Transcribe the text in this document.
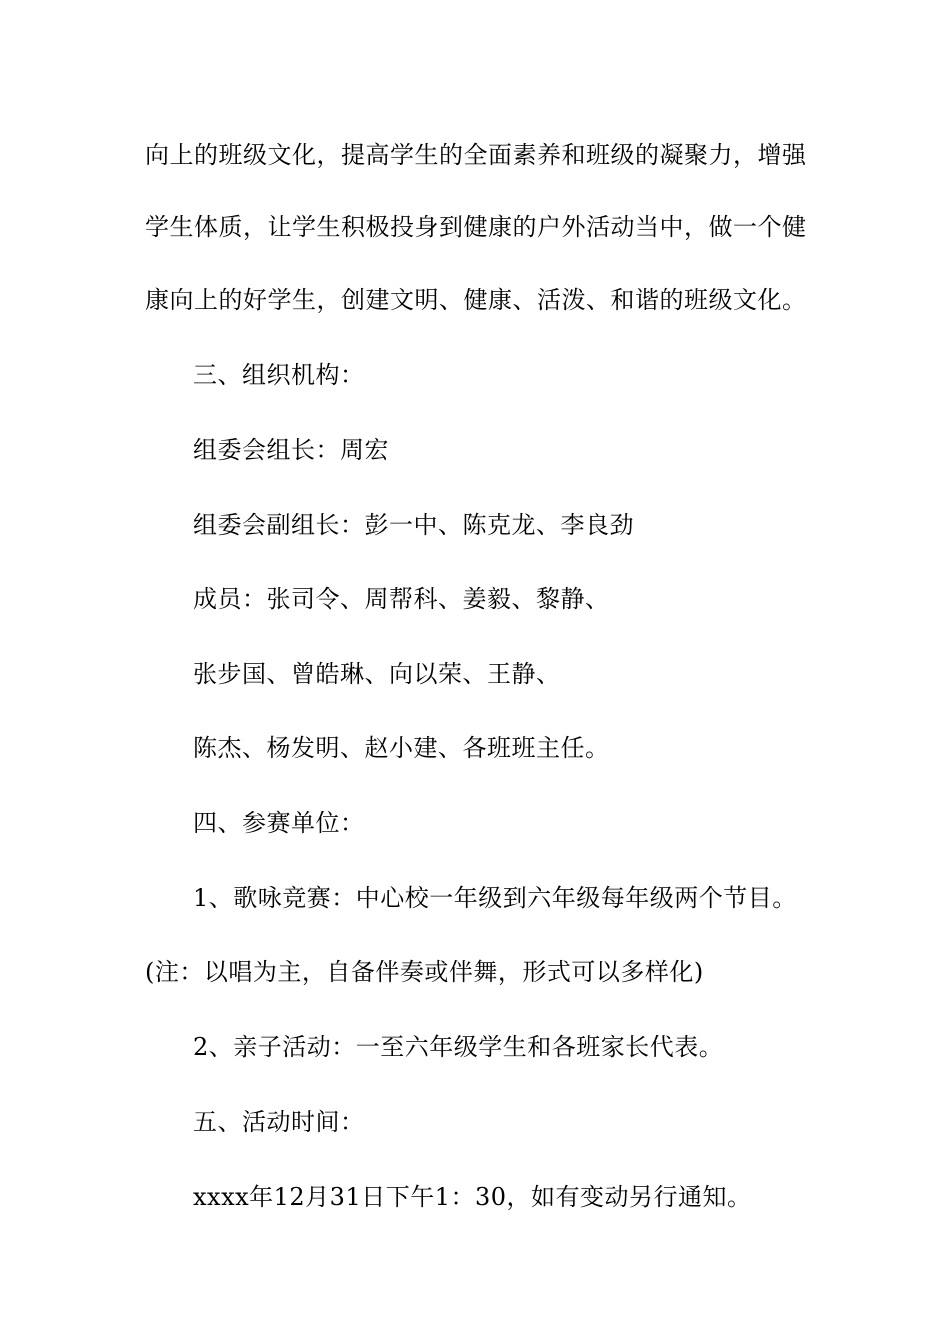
向上的班级文化，提高学生的全面素养和班级的凝聚力，增强
学生体质，让学生积极投身到健康的户外活动当中，做一个健
康向上的好学生，创建文明、健康、活泼、和谐的班级文化。
三、组织机构：
组委会组长：周宏
组委会副组长：彭一中、陈克龙、李良劲
成员：张司令、周帮科、姜毅、黎静、
张步国、曾皓琳、向以荣、王静、
陈杰、杨发明、赵小建、各班班主任。
四、参赛单位：
1、歌咏竞赛：中心校一年级到六年级每年级两个节目。
(注：以唱为主，自备伴奏或伴舞，形式可以多样化)
2、亲子活动：一至六年级学生和各班家长代表。
五、活动时间：
xxxx年12月31日下午1：30，如有变动另行通知。
